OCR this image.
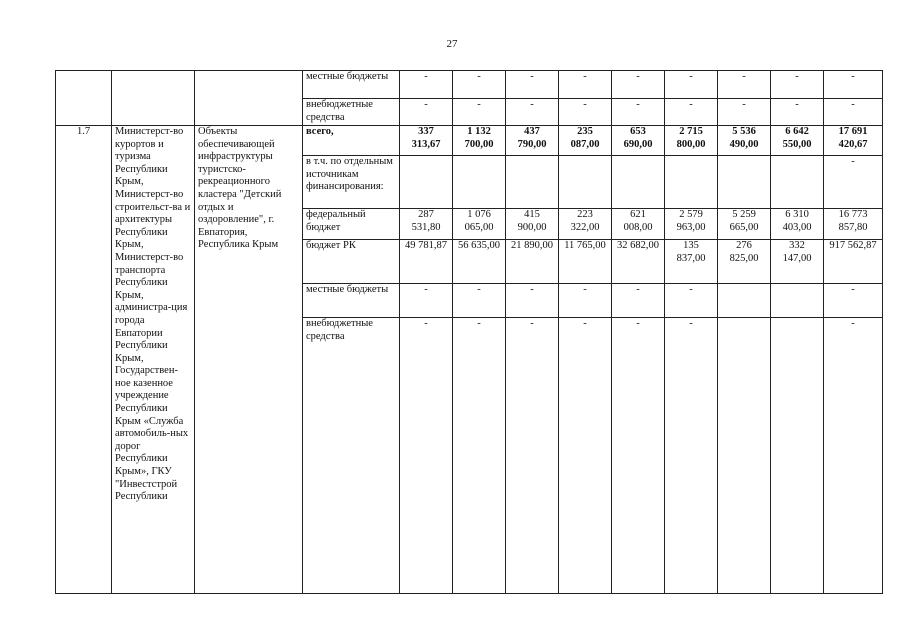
27
			местные бюджеты	-	-	-	-	-	-	-	-	-
			внебюджетные средства	-	-	-	-	-	-	-	-	-
1.7	Министерст-во курортов и туризма Республики Крым, Министерст-во строительст-ва и архитектуры Республики Крым, Министерст-во транспорта Республики Крым, администра-ция города Евпатории Республики Крым, Государствен-ное казенное учреждение Республики Крым «Служба автомобиль-ных дорог Республики Крым», ГКУ "Инвестстрой Республики	Объекты обеспечивающей инфраструктуры туристско-рекреационного кластера "Детский отдых и оздоровление", г. Евпатория, Республика Крым	всего,	337 313,67	1 132 700,00	437 790,00	235 087,00	653 690,00	2 715 800,00	5 536 490,00	6 642 550,00	17 691 420,67
			в т.ч. по отдельным источникам финансирования:									-
			федеральный бюджет	287 531,80	1 076 065,00	415 900,00	223 322,00	621 008,00	2 579 963,00	5 259 665,00	6 310 403,00	16 773 857,80
			бюджет РК	49 781,87	56 635,00	21 890,00	11 765,00	32 682,00	135 837,00	276 825,00	332 147,00	917 562,87
			местные бюджеты	-	-	-	-	-	-			-
			внебюджетные средства	-	-	-	-	-	-			-
